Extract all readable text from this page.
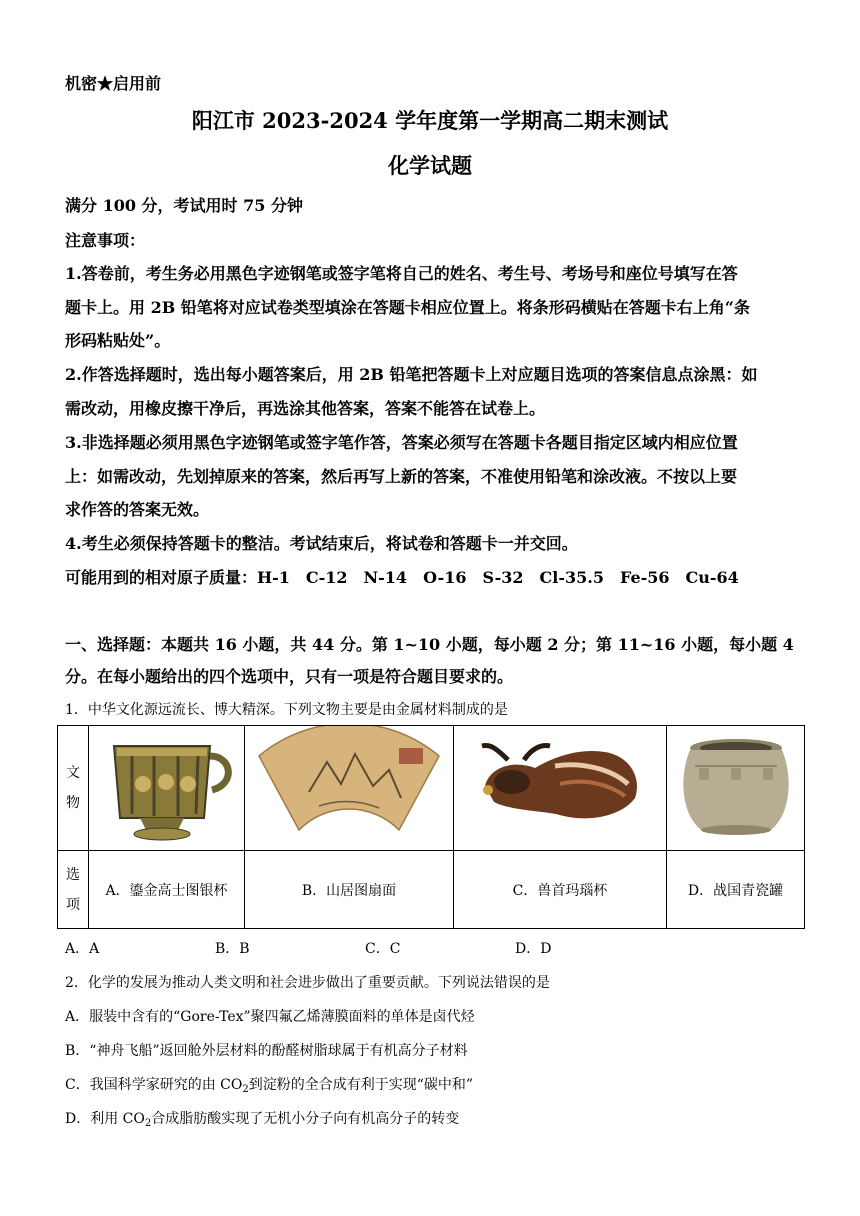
机密★启用前
阳江市 2023-2024 学年度第一学期高二期末测试
化学试题
满分 100 分，考试用时 75 分钟
注意事项：
1.答卷前，考生务必用黑色字迹钢笔或签字笔将自己的姓名、考生号、考场号和座位号填写在答
题卡上。用 2B 铅笔将对应试卷类型填涂在答题卡相应位置上。将条形码横贴在答题卡右上角“条
形码粘贴处”。
2.作答选择题时，选出每小题答案后，用 2B 铅笔把答题卡上对应题目选项的答案信息点涂黑：如
需改动，用橡皮擦干净后，再选涂其他答案，答案不能答在试卷上。
3.非选择题必须用黑色字迹钢笔或签字笔作答，答案必须写在答题卡各题目指定区域内相应位置
上：如需改动，先划掉原来的答案，然后再写上新的答案，不准使用铅笔和涂改液。不按以上要
求作答的答案无效。
4.考生必须保持答题卡的整洁。考试结束后，将试卷和答题卡一并交回。
可能用到的相对原子质量：H-1　C-12　N-14　O-16　S-32　Cl-35.5　Fe-56　Cu-64
一、选择题：本题共 16 小题，共 44 分。第 1~10 小题，每小题 2 分；第 11~16 小题，每小题 4
分。在每小题给出的四个选项中，只有一项是符合题目要求的。
1．中华文化源远流长、博大精深。下列文物主要是由金属材料制成的是
文
物

选
项	A．鎏金高士图银杯	B．山居图扇面	C．兽首玛瑙杯	D．战国青瓷罐
A．A	B．B	C．C	D．D
2．化学的发展为推动人类文明和社会进步做出了重要贡献。下列说法错误的是
A．服装中含有的“Gore-Tex”聚四氟乙烯薄膜面料的单体是卤代烃
B．“神舟飞船”返回舱外层材料的酚醛树脂球属于有机高分子材料
C．我国科学家研究的由 $CO_2$到淀粉的全合成有利于实现“碳中和”
D．利用 $CO_2$合成脂肪酸实现了无机小分子向有机高分子的转变
